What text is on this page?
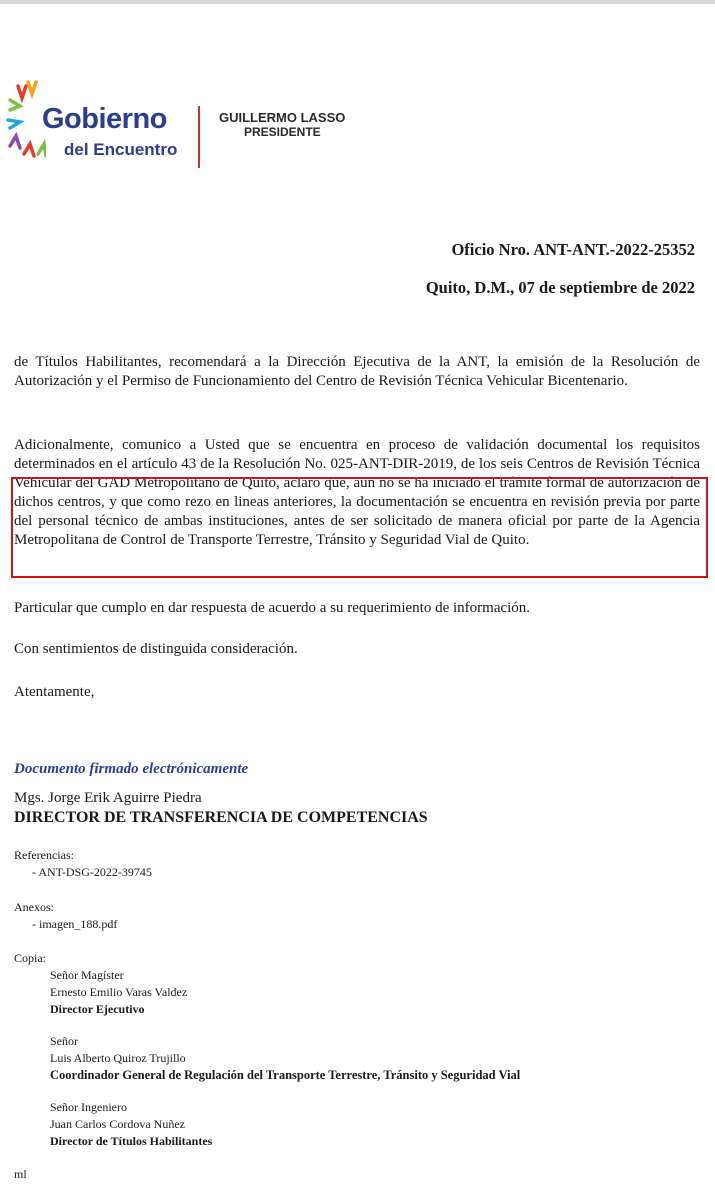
Gobierno
del Encuentro
GUILLERMO LASSO
PRESIDENTE
Oficio Nro. ANT-ANT.-2022-25352
Quito, D.M., 07 de septiembre de 2022

de Títulos Habilitantes, recomendará a la Dirección Ejecutiva de la ANT, la emisión de la Resolución de Autorización y el Permiso de Funcionamiento del Centro de Revisión Técnica Vehicular Bicentenario.

Adicionalmente, comunico a Usted que se encuentra en proceso de validación documental los requisitos determinados en el artículo 43 de la Resolución No. 025-ANT-DIR-2019, de los seis Centros de Revisión Técnica Vehicular del GAD Metropolitano de Quito, aclaro que, aun no se ha iniciado el trámite formal de autorización de dichos centros, y que como rezo en lineas anteriores, la documentación se encuentra en revisión previa por parte del personal técnico de ambas instituciones, antes de ser solicitado de manera oficial por parte de la Agencia Metropolitana de Control de Transporte Terrestre, Tránsito y Seguridad Vial de Quito.

Particular que cumplo en dar respuesta de acuerdo a su requerimiento de información.

Con sentimientos de distinguida consideración.

Atentamente,

Documento firmado electrónicamente
Mgs. Jorge Erik Aguirre Piedra
DIRECTOR DE TRANSFERENCIA DE COMPETENCIAS
Referencias:
- ANT-DSG-2022-39745
Anexos:
- imagen_188.pdf
Copia:
Señor Magíster
Ernesto Emilio Varas Valdez
Director Ejecutivo
Señor
Luis Alberto Quiroz Trujillo
Coordinador General de Regulación del Transporte Terrestre, Tránsito y Seguridad Vial
Señor Ingeniero
Juan Carlos Cordova Nuñez
Director de Títulos Habilitantes
ml
